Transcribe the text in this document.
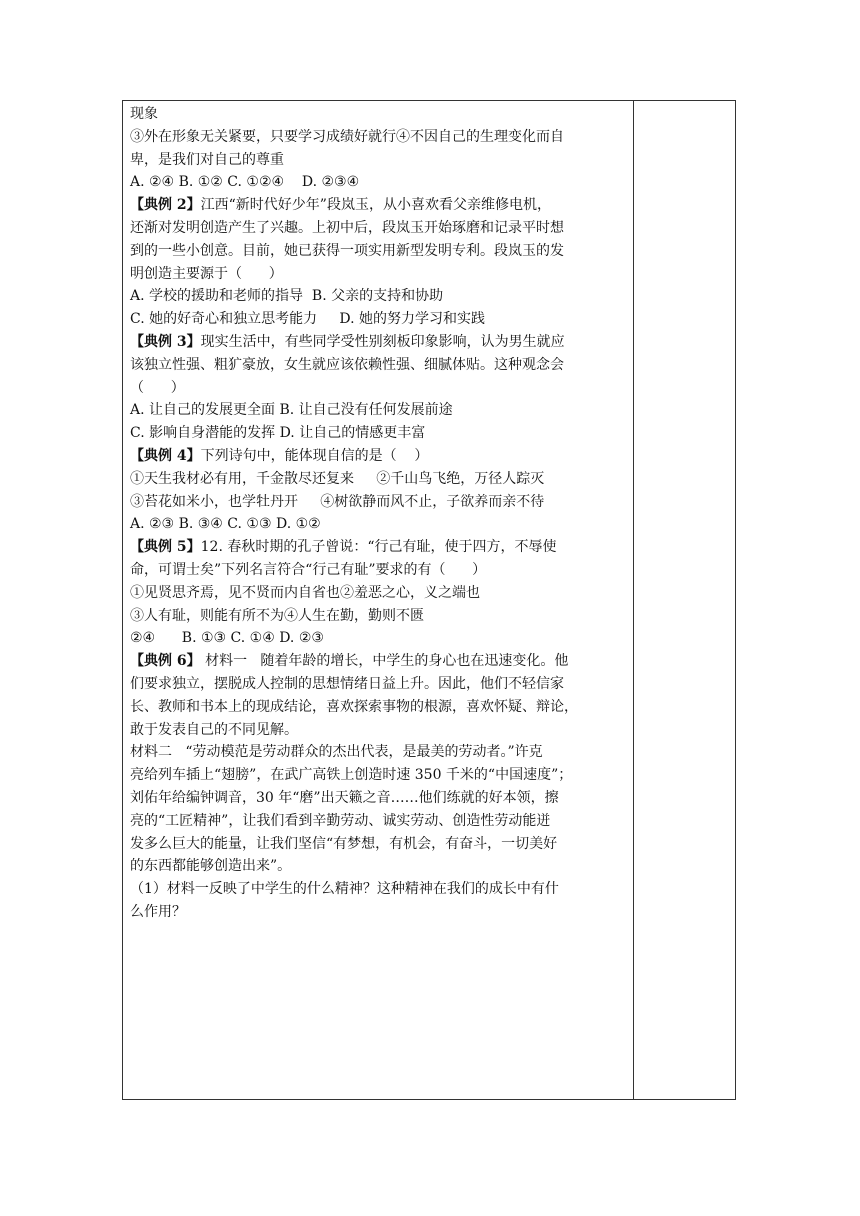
现象
③外在形象无关紧要，只要学习成绩好就行④不因自己的生理变化而自
卑，是我们对自己的尊重
A. ②④ B. ①② C. ①②④    D. ②③④
【典例 2】江西“新时代好少年”段岚玉，从小喜欢看父亲维修电机，
还渐对发明创造产生了兴趣。上初中后，段岚玉开始琢磨和记录平时想
到的一些小创意。目前，她已获得一项实用新型发明专利。段岚玉的发
明创造主要源于（      ）
A. 学校的援助和老师的指导  B. 父亲的支持和协助
C. 她的好奇心和独立思考能力     D. 她的努力学习和实践
【典例 3】现实生活中，有些同学受性别刻板印象影响，认为男生就应
该独立性强、粗犷豪放，女生就应该依赖性强、细腻体贴。这种观念会
（      ）
A. 让自己的发展更全面 B. 让自己没有任何发展前途
C. 影响自身潜能的发挥 D. 让自己的情感更丰富
【典例 4】下列诗句中，能体现自信的是（    ）
①天生我材必有用，千金散尽还复来     ②千山鸟飞绝，万径人踪灭
③苔花如米小，也学牡丹开     ④树欲静而风不止，子欲养而亲不待
A. ②③ B. ③④ C. ①③ D. ①②
【典例 5】12. 春秋时期的孔子曾说：“行己有耻，使于四方，不辱使
命，可谓士矣”下列名言符合“行己有耻”要求的有（      ）
①见贤思齐焉，见不贤而内自省也②羞恶之心，义之端也
③人有耻，则能有所不为④人生在勤，勤则不匮
②④      B. ①③ C. ①④ D. ②③
【典例 6】 材料一   随着年龄的增长，中学生的身心也在迅速变化。他
们要求独立，摆脱成人控制的思想情绪日益上升。因此，他们不轻信家
长、教师和书本上的现成结论，喜欢探索事物的根源，喜欢怀疑、辩论，
敢于发表自己的不同见解。
材料二   “劳动模范是劳动群众的杰出代表，是最美的劳动者。”许克
亮给列车插上“翅膀”，在武广高铁上创造时速 350 千米的“中国速度”；
刘佑年给编钟调音，30 年“磨”出天籁之音……他们练就的好本领，擦
亮的“工匠精神”，让我们看到辛勤劳动、诚实劳动、创造性劳动能迸
发多么巨大的能量，让我们坚信“有梦想，有机会，有奋斗，一切美好
的东西都能够创造出来”。
（1）材料一反映了中学生的什么精神？这种精神在我们的成长中有什
么作用？
